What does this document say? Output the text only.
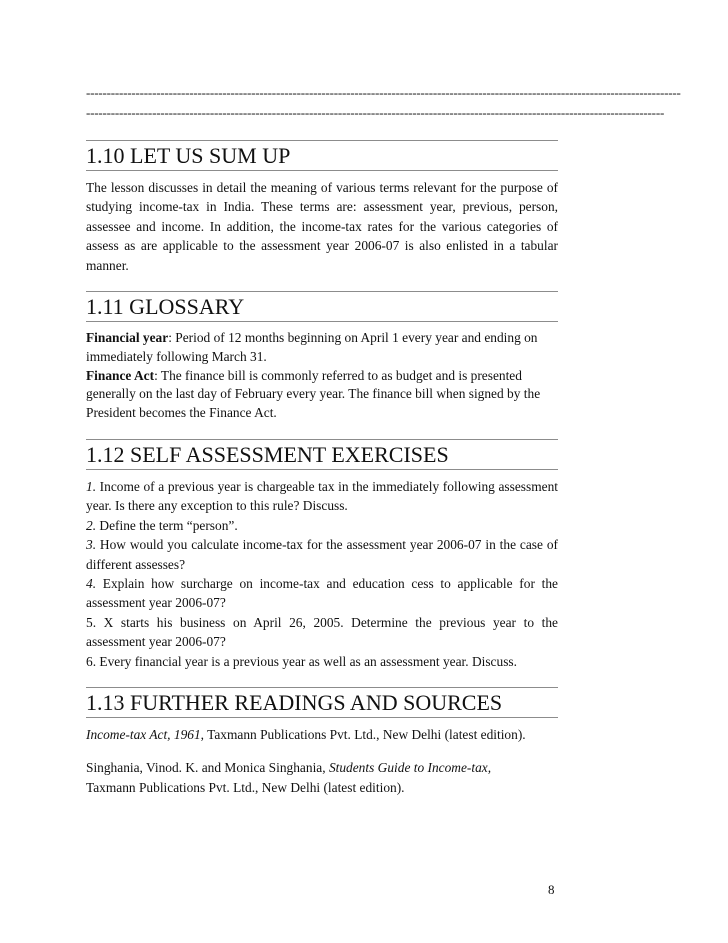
------------------------------------------------------------------------------------------------------------------------------------------------
--------------------------------------------------------------------------------------------------------------------------------------------
1.10 LET US SUM UP

The lesson discusses in detail the meaning of various terms relevant for the purpose of studying income-tax in India. These terms are: assessment year, previous, person, assessee and income. In addition, the income-tax rates for the various categories of assess as are applicable to the assessment year 2006-07 is also enlisted in a tabular manner.

1.11 GLOSSARY

Financial year: Period of 12 months beginning on April 1 every year and ending on immediately following March 31.

Finance Act: The finance bill is commonly referred to as budget and is presented generally on the last day of February every year. The finance bill when signed by the President becomes the Finance Act.

1.12 SELF ASSESSMENT EXERCISES

1. Income of a previous year is chargeable tax in the immediately following assessment year. Is there any exception to this rule? Discuss.

2. Define the term “person”.

3. How would you calculate income-tax for the assessment year 2006-07 in the case of different assesses?

4. Explain how surcharge on income-tax and education cess to applicable for the assessment year 2006-07?

5. X starts his business on April 26, 2005. Determine the previous year to the assessment year 2006-07?

6. Every financial year is a previous year as well as an assessment year. Discuss.

1.13 FURTHER READINGS AND SOURCES

Income-tax Act, 1961, Taxmann Publications Pvt. Ltd., New Delhi (latest edition).

Singhania, Vinod. K. and Monica Singhania, Students Guide to Income-tax,
Taxmann Publications Pvt. Ltd., New Delhi (latest edition).

8
